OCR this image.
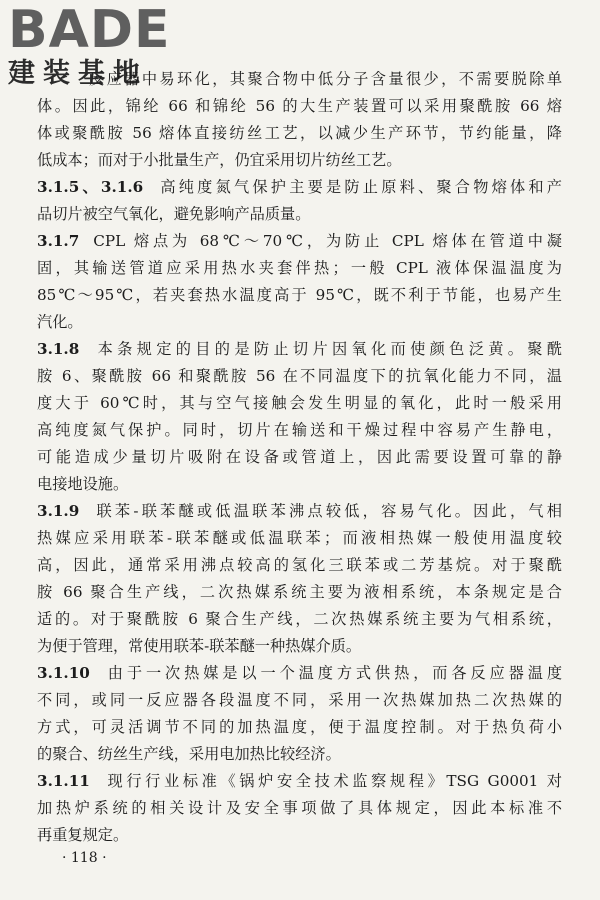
BADE
建装基地
反应器中易环化，其聚合物中低分子含量很少，不需要脱除单
体。因此，锦纶 66 和锦纶 56 的大生产装置可以采用聚酰胺 66 熔
体或聚酰胺 56 熔体直接纺丝工艺，以减少生产环节，节约能量，降
低成本；而对于小批量生产，仍宜采用切片纺丝工艺。
3.1.5、3.1.6 高纯度氮气保护主要是防止原料、聚合物熔体和产
品切片被空气氧化，避免影响产品质量。
3.1.7 CPL 熔点为 68℃～70℃，为防止 CPL 熔体在管道中凝
固，其输送管道应采用热水夹套伴热；一般 CPL 液体保温温度为
85℃～95℃，若夹套热水温度高于 95℃，既不利于节能，也易产生
汽化。
3.1.8 本条规定的目的是防止切片因氧化而使颜色泛黄。聚酰
胺 6、聚酰胺 66 和聚酰胺 56 在不同温度下的抗氧化能力不同，温
度大于 60℃时，其与空气接触会发生明显的氧化，此时一般采用
高纯度氮气保护。同时，切片在输送和干燥过程中容易产生静电，
可能造成少量切片吸附在设备或管道上，因此需要设置可靠的静
电接地设施。
3.1.9 联苯-联苯醚或低温联苯沸点较低，容易气化。因此，气相
热媒应采用联苯-联苯醚或低温联苯；而液相热媒一般使用温度较
高，因此，通常采用沸点较高的氢化三联苯或二芳基烷。对于聚酰
胺 66 聚合生产线，二次热媒系统主要为液相系统，本条规定是合
适的。对于聚酰胺 6 聚合生产线，二次热媒系统主要为气相系统，
为便于管理，常使用联苯-联苯醚一种热媒介质。
3.1.10 由于一次热媒是以一个温度方式供热，而各反应器温度
不同，或同一反应器各段温度不同，采用一次热媒加热二次热媒的
方式，可灵活调节不同的加热温度，便于温度控制。对于热负荷小
的聚合、纺丝生产线，采用电加热比较经济。
3.1.11 现行行业标准《锅炉安全技术监察规程》TSG G0001 对
加热炉系统的相关设计及安全事项做了具体规定，因此本标准不
再重复规定。
· 118 ·
